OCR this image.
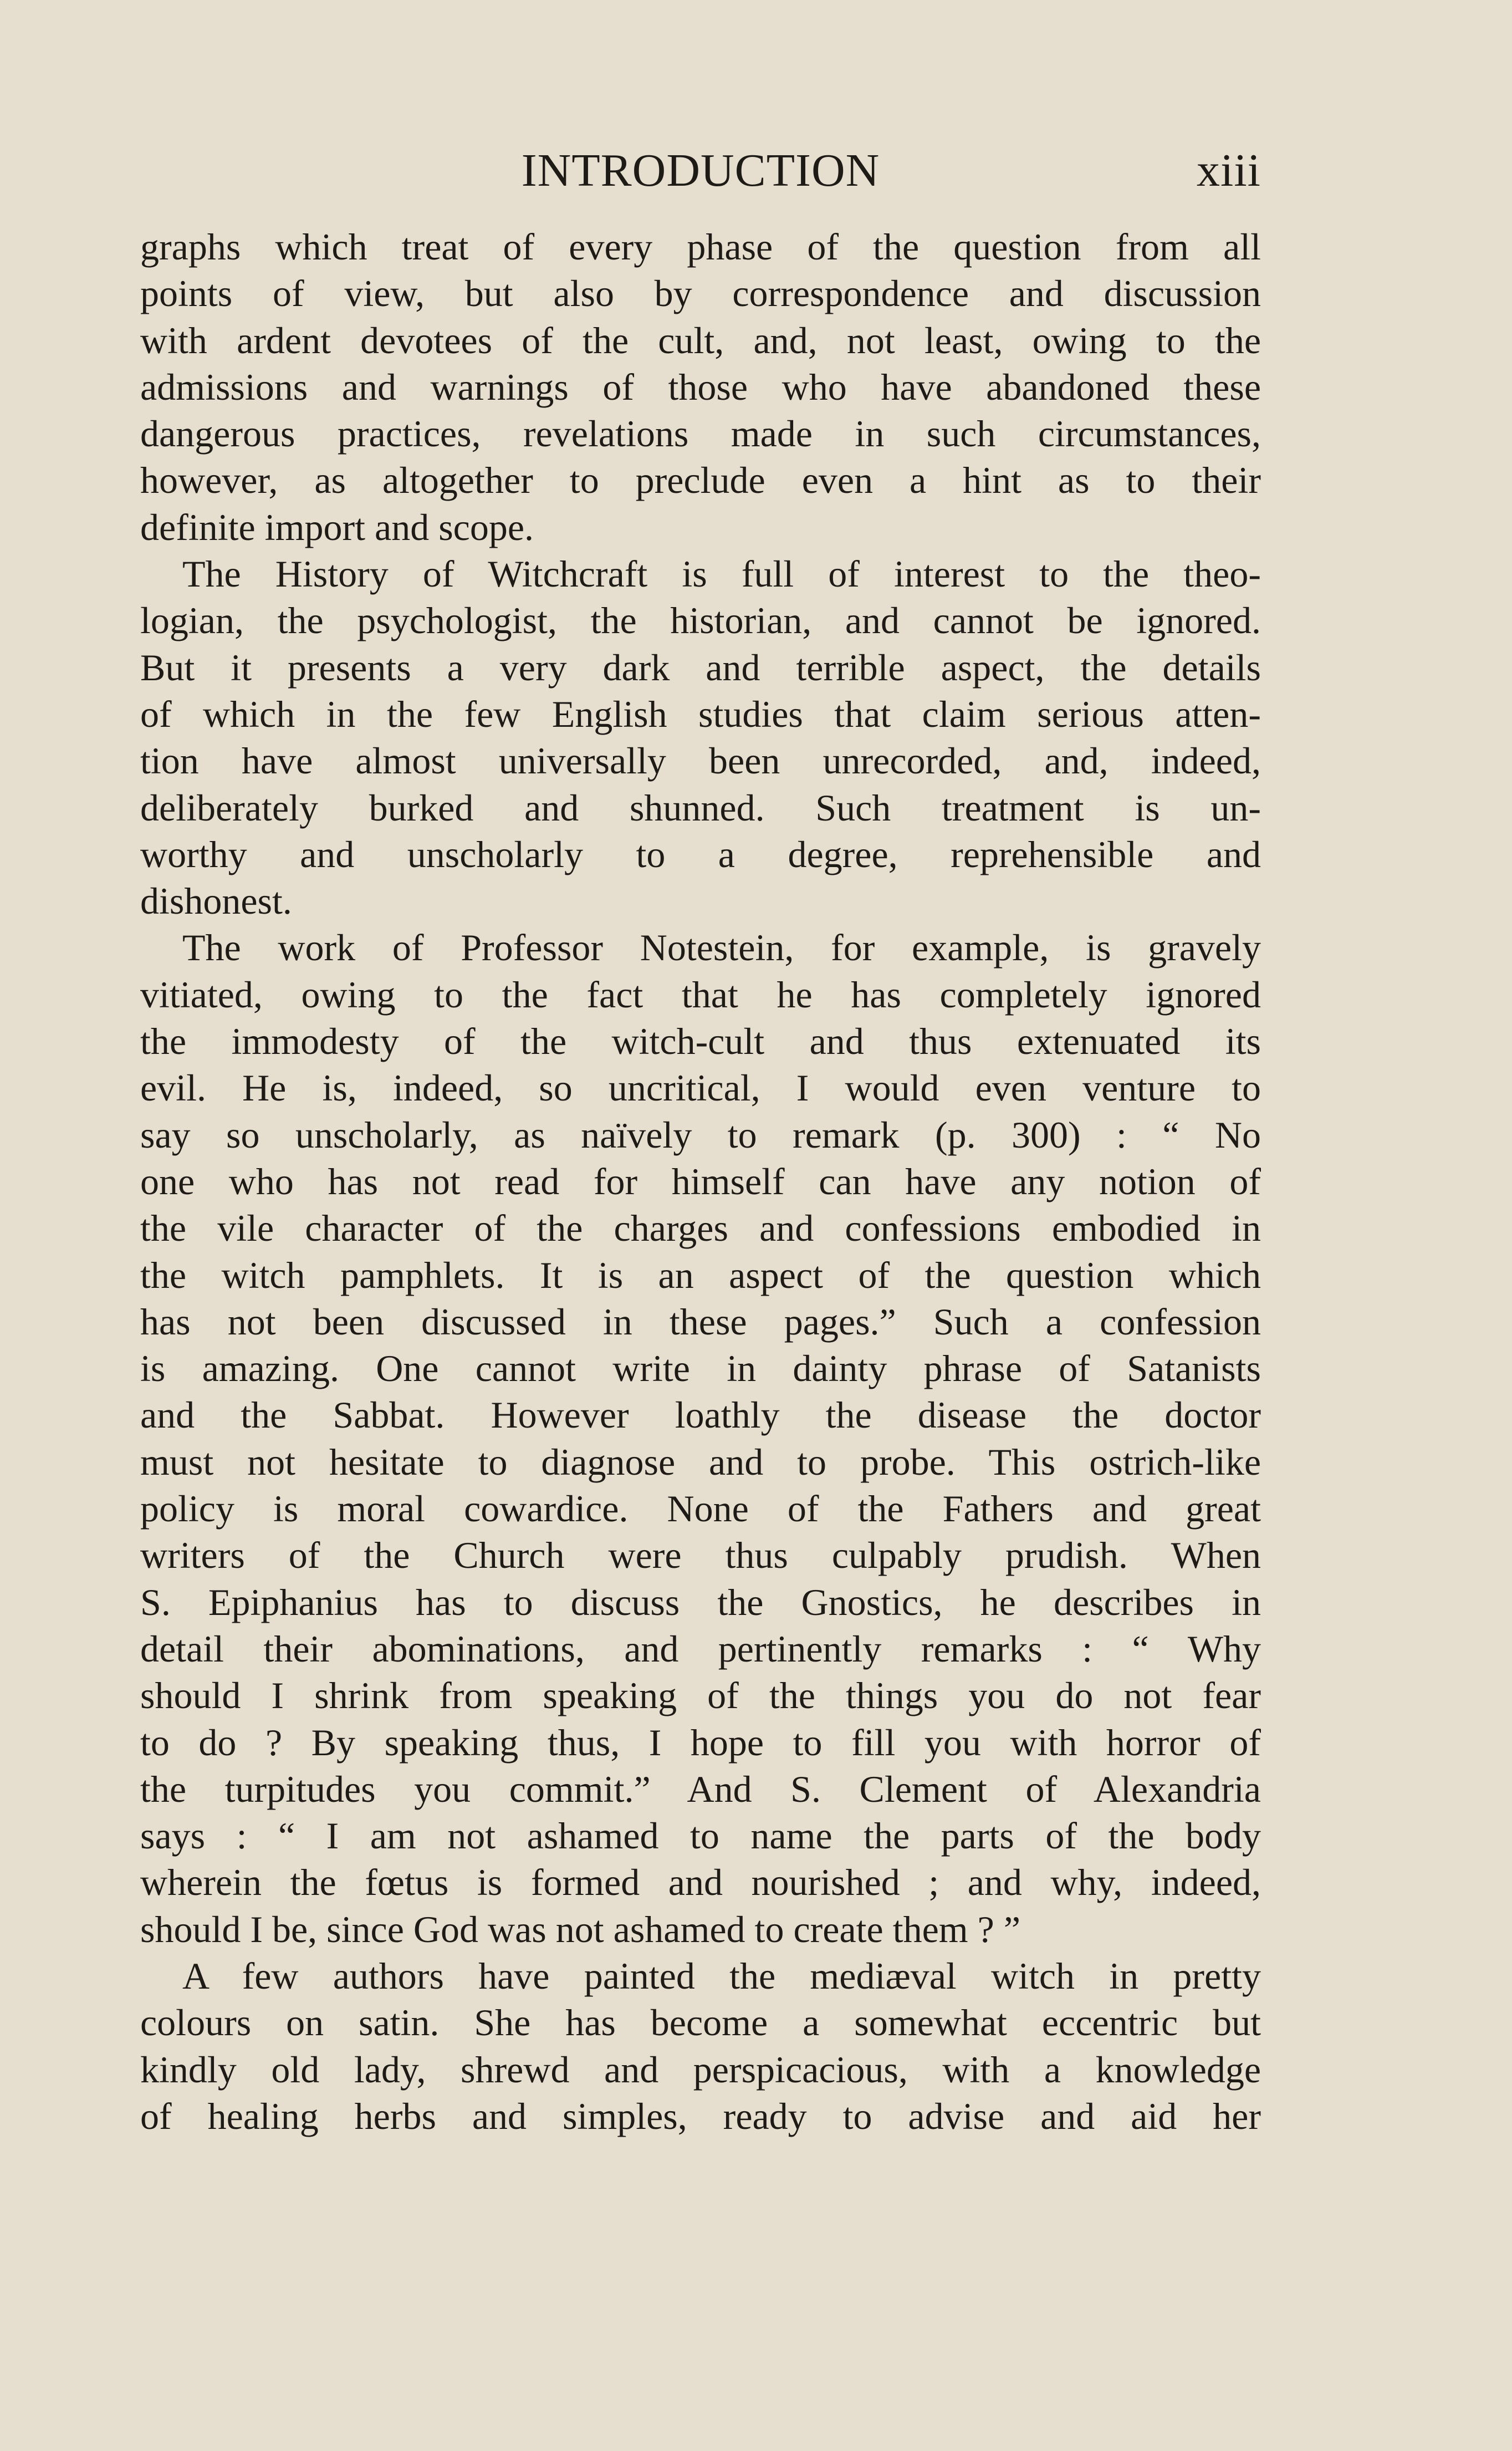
INTRODUCTION	xiii

graphs which treat of every phase of the question from all
points of view, but also by correspondence and discussion
with ardent devotees of the cult, and, not least, owing to the
admissions and warnings of those who have abandoned these
dangerous practices, revelations made in such circumstances,
however, as altogether to preclude even a hint as to their
definite import and scope.

The History of Witchcraft is full of interest to the theo-
logian, the psychologist, the historian, and cannot be ignored.
But it presents a very dark and terrible aspect, the details
of which in the few English studies that claim serious atten-
tion have almost universally been unrecorded, and, indeed,
deliberately burked and shunned. Such treatment is un-
worthy and unscholarly to a degree, reprehensible and
dishonest.

The work of Professor Notestein, for example, is gravely
vitiated, owing to the fact that he has completely ignored
the immodesty of the witch-cult and thus extenuated its
evil. He is, indeed, so uncritical, I would even venture to
say so unscholarly, as naïvely to remark (p. 300) : “ No
one who has not read for himself can have any notion of
the vile character of the charges and confessions embodied in
the witch pamphlets. It is an aspect of the question which
has not been discussed in these pages.” Such a confession
is amazing. One cannot write in dainty phrase of Satanists
and the Sabbat. However loathly the disease the doctor
must not hesitate to diagnose and to probe. This ostrich-like
policy is moral cowardice. None of the Fathers and great
writers of the Church were thus culpably prudish. When
S. Epiphanius has to discuss the Gnostics, he describes in
detail their abominations, and pertinently remarks : “ Why
should I shrink from speaking of the things you do not fear
to do ? By speaking thus, I hope to fill you with horror of
the turpitudes you commit.” And S. Clement of Alexandria
says : “ I am not ashamed to name the parts of the body
wherein the fœtus is formed and nourished ; and why, indeed,
should I be, since God was not ashamed to create them ? ”

A few authors have painted the mediæval witch in pretty
colours on satin. She has become a somewhat eccentric but
kindly old lady, shrewd and perspicacious, with a knowledge
of healing herbs and simples, ready to advise and aid her
